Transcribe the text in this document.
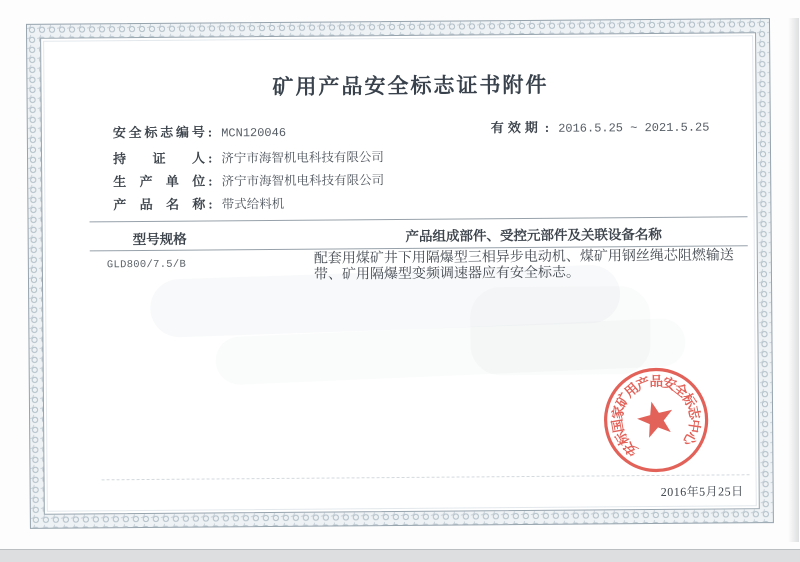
矿用产品安全标志证书附件
安全标志编号 : MCN120046	有效期 : 2016.5.25 ~ 2021.5.25
持证人 : 济宁市海智机电科技有限公司
生产单位 : 济宁市海智机电科技有限公司
产品名称 : 带式给料机
型号规格	产品组成部件、受控元部件及关联设备名称
GLD800/7.5/B	配套用煤矿井下用隔爆型三相异步电动机、煤矿用钢丝绳芯阻燃输送带、矿用隔爆型变频调速器应有安全标志。
安标国家矿用产品安全标志中心
2016年5月25日
